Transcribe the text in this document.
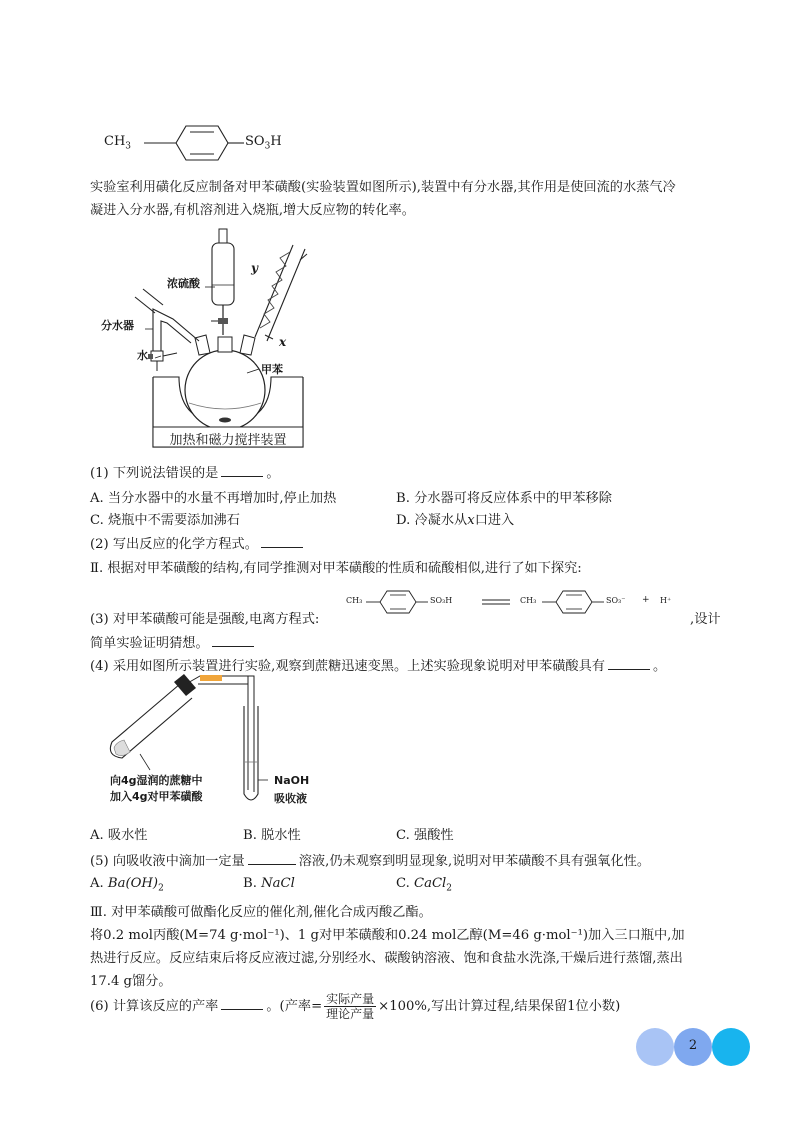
$CH_3$	$SO_3H$
实验室利用磺化反应制备对甲苯磺酸(实验装置如图所示),装置中有分水器,其作用是使回流的水蒸气冷
凝进入分水器,有机溶剂进入烧瓶,增大反应物的转化率。
浓硫酸
分水器
水
甲苯
y
x
加热和磁力搅拌装置
(1) 下列说法错误的是	。
A. 当分水器中的水量不再增加时,停止加热	B. 分水器可将反应体系中的甲苯移除
C. 烧瓶中不需要添加沸石	D. 冷凝水从x口进入
(2) 写出反应的化学方程式。
Ⅱ. 根据对甲苯磺酸的结构,有同学推测对甲苯磺酸的性质和硫酸相似,进行了如下探究:
(3) 对甲苯磺酸可能是强酸,电离方程式:
CH₃	SO₃H	CH₃	SO₃⁻ + H⁺
,设计
简单实验证明猜想。
(4) 采用如图所示装置进行实验,观察到蔗糖迅速变黑。上述实验现象说明对甲苯磺酸具有	。
向4g湿润的蔗糖中
加入4g对甲苯磺酸
NaOH
吸收液
A. 吸水性	B. 脱水性	C. 强酸性
(5) 向吸收液中滴加一定量	溶液,仍未观察到明显现象,说明对甲苯磺酸不具有强氧化性。
A. $Ba(OH)_2$	B. NaCl	C. CaCl$_2$
Ⅲ. 对甲苯磺酸可做酯化反应的催化剂,催化合成丙酸乙酯。
将0.2 mol丙酸(M=74 g·mol⁻¹)、1 g对甲苯磺酸和0.24 mol乙醇(M=46 g·mol⁻¹)加入三口瓶中,加
热进行反应。反应结束后将反应液过滤,分别经水、碳酸钠溶液、饱和食盐水洗涤,干燥后进行蒸馏,蒸出
17.4 g馏分。
(6) 计算该反应的产率	。(产率= $\frac{\text{实际产量}}{\text{理论产量}} \times 100\%$,写出计算过程,结果保留1位小数)
2
